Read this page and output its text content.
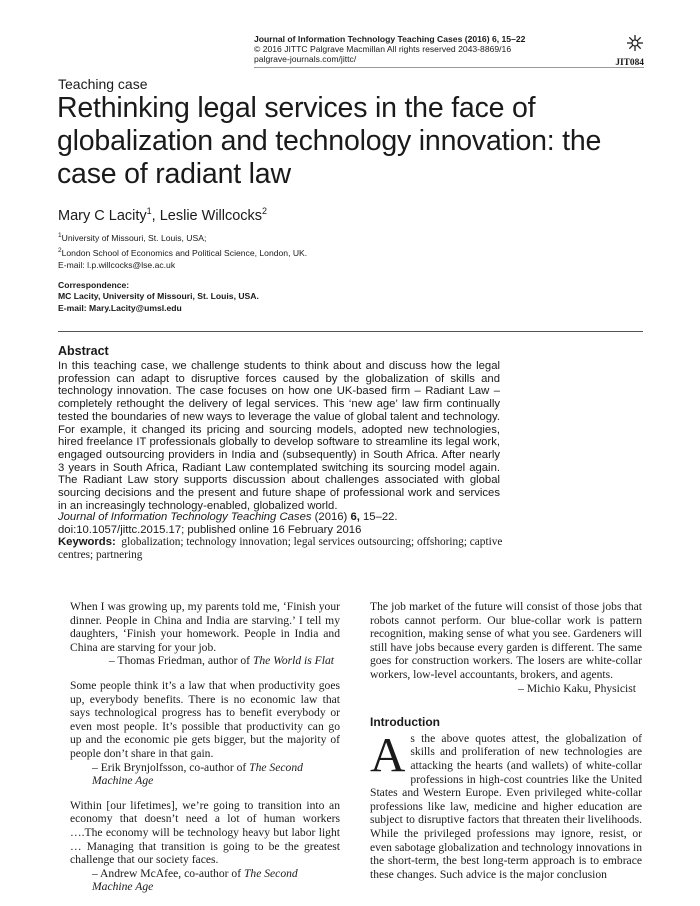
Journal of Information Technology Teaching Cases (2016) 6, 15–22
© 2016 JITTC Palgrave Macmillan All rights reserved 2043-8869/16
palgrave-journals.com/jittc/	JIT084
Teaching case
Rethinking legal services in the face of globalization and technology innovation: the case of radiant law
Mary C Lacity$^1$, Leslie Willcocks$^2$
$^1$University of Missouri, St. Louis, USA;
$^2$London School of Economics and Political Science, London, UK.
E-mail: l.p.willcocks@lse.ac.uk
Correspondence:
MC Lacity, University of Missouri, St. Louis, USA.
E-mail: Mary.Lacity@umsl.edu
Abstract
In this teaching case, we challenge students to think about and discuss how the legal profession can adapt to disruptive forces caused by the globalization of skills and technology innovation. The case focuses on how one UK-based firm – Radiant Law – completely rethought the delivery of legal services. This ‘new age’ law firm continually tested the boundaries of new ways to leverage the value of global talent and technology. For example, it changed its pricing and sourcing models, adopted new technologies, hired freelance IT professionals globally to develop software to streamline its legal work, engaged outsourcing providers in India and (subsequently) in South Africa. After nearly 3 years in South Africa, Radiant Law contemplated switching its sourcing model again. The Radiant Law story supports discussion about challenges associated with global sourcing decisions and the present and future shape of professional work and services in an increasingly technology-enabled, globalized world.
Journal of Information Technology Teaching Cases (2016) 6, 15–22. doi:10.1057/jittc.2015.17; published online 16 February 2016
Keywords: globalization; technology innovation; legal services outsourcing; offshoring; captive centres; partnering

When I was growing up, my parents told me, ‘Finish your dinner. People in China and India are starving.’ I tell my daughters, ‘Finish your homework. People in India and China are starving for your job.

– Thomas Friedman, author of The World is Flat

Some people think it’s a law that when productivity goes up, everybody benefits. There is no economic law that says technological progress has to benefit everybody or even most people. It’s possible that productivity can go up and the economic pie gets bigger, but the majority of people don’t share in that gain.

– Erik Brynjolfsson, co-author of The Second Machine Age

Within [our lifetimes], we’re going to transition into an economy that doesn’t need a lot of human workers ….The economy will be technology heavy but labor light … Managing that transition is going to be the greatest challenge that our society faces.

– Andrew McAfee, co-author of The Second Machine Age

The job market of the future will consist of those jobs that robots cannot perform. Our blue-collar work is pattern recognition, making sense of what you see. Gardeners will still have jobs because every garden is different. The same goes for construction workers. The losers are white-collar workers, low-level accountants, brokers, and agents.

– Michio Kaku, Physicist

Introduction

As the above quotes attest, the globalization of skills and proliferation of new technologies are attacking the hearts (and wallets) of white-collar professions in high-cost countries like the United States and Western Europe. Even privileged white-collar professions like law, medicine and higher education are subject to disruptive factors that threaten their livelihoods. While the privileged professions may ignore, resist, or even sabotage globalization and technology innovations in the short-term, the best long-term approach is to embrace these changes. Such advice is the major conclusion
